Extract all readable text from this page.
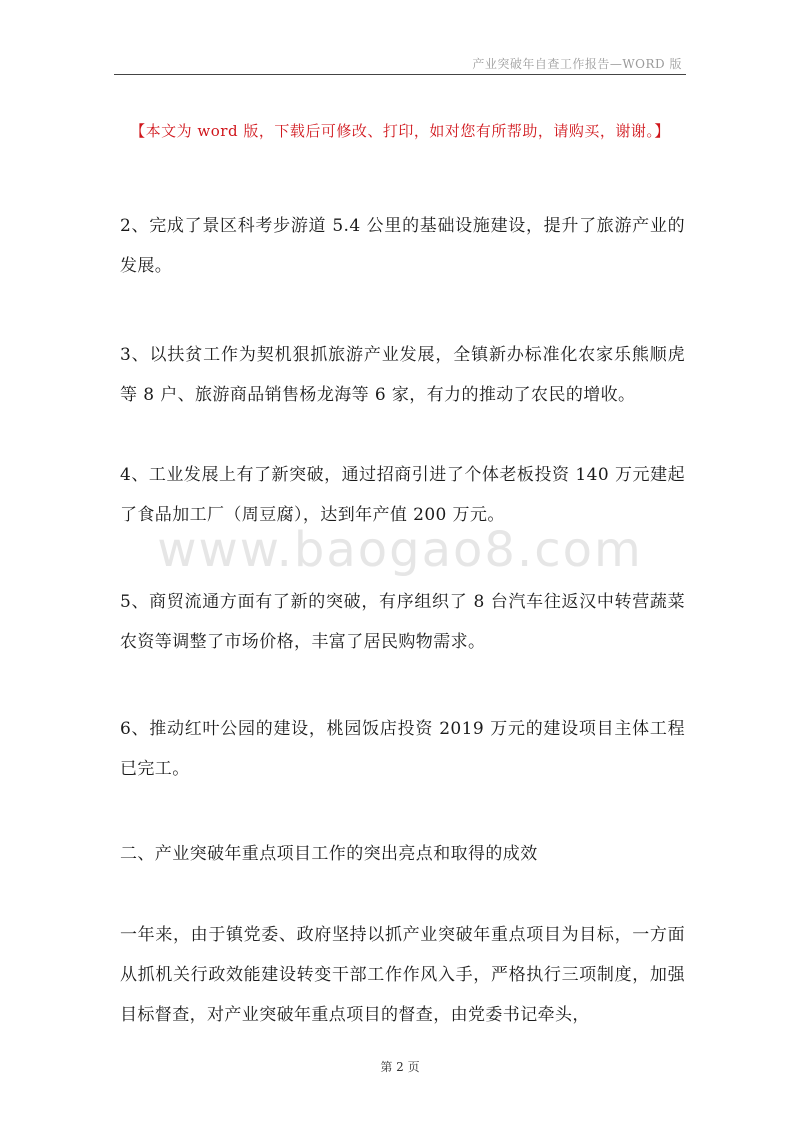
产业突破年自查工作报告—WORD 版
【本文为 word 版，下载后可修改、打印，如对您有所帮助，请购买，谢谢。】
2、完成了景区科考步游道 5.4 公里的基础设施建设，提升了旅游产业的发展。
3、以扶贫工作为契机狠抓旅游产业发展，全镇新办标准化农家乐熊顺虎等 8 户、旅游商品销售杨龙海等 6 家，有力的推动了农民的增收。
4、工业发展上有了新突破，通过招商引进了个体老板投资 140 万元建起了食品加工厂（周豆腐），达到年产值 200 万元。
5、商贸流通方面有了新的突破，有序组织了 8 台汽车往返汉中转营蔬菜农资等调整了市场价格，丰富了居民购物需求。
6、推动红叶公园的建设，桃园饭店投资 2019 万元的建设项目主体工程已完工。
二、产业突破年重点项目工作的突出亮点和取得的成效
一年来，由于镇党委、政府坚持以抓产业突破年重点项目为目标，一方面从抓机关行政效能建设转变干部工作作风入手，严格执行三项制度，加强目标督查，对产业突破年重点项目的督查，由党委书记牵头，
www.baogao8.com
第 2 页
